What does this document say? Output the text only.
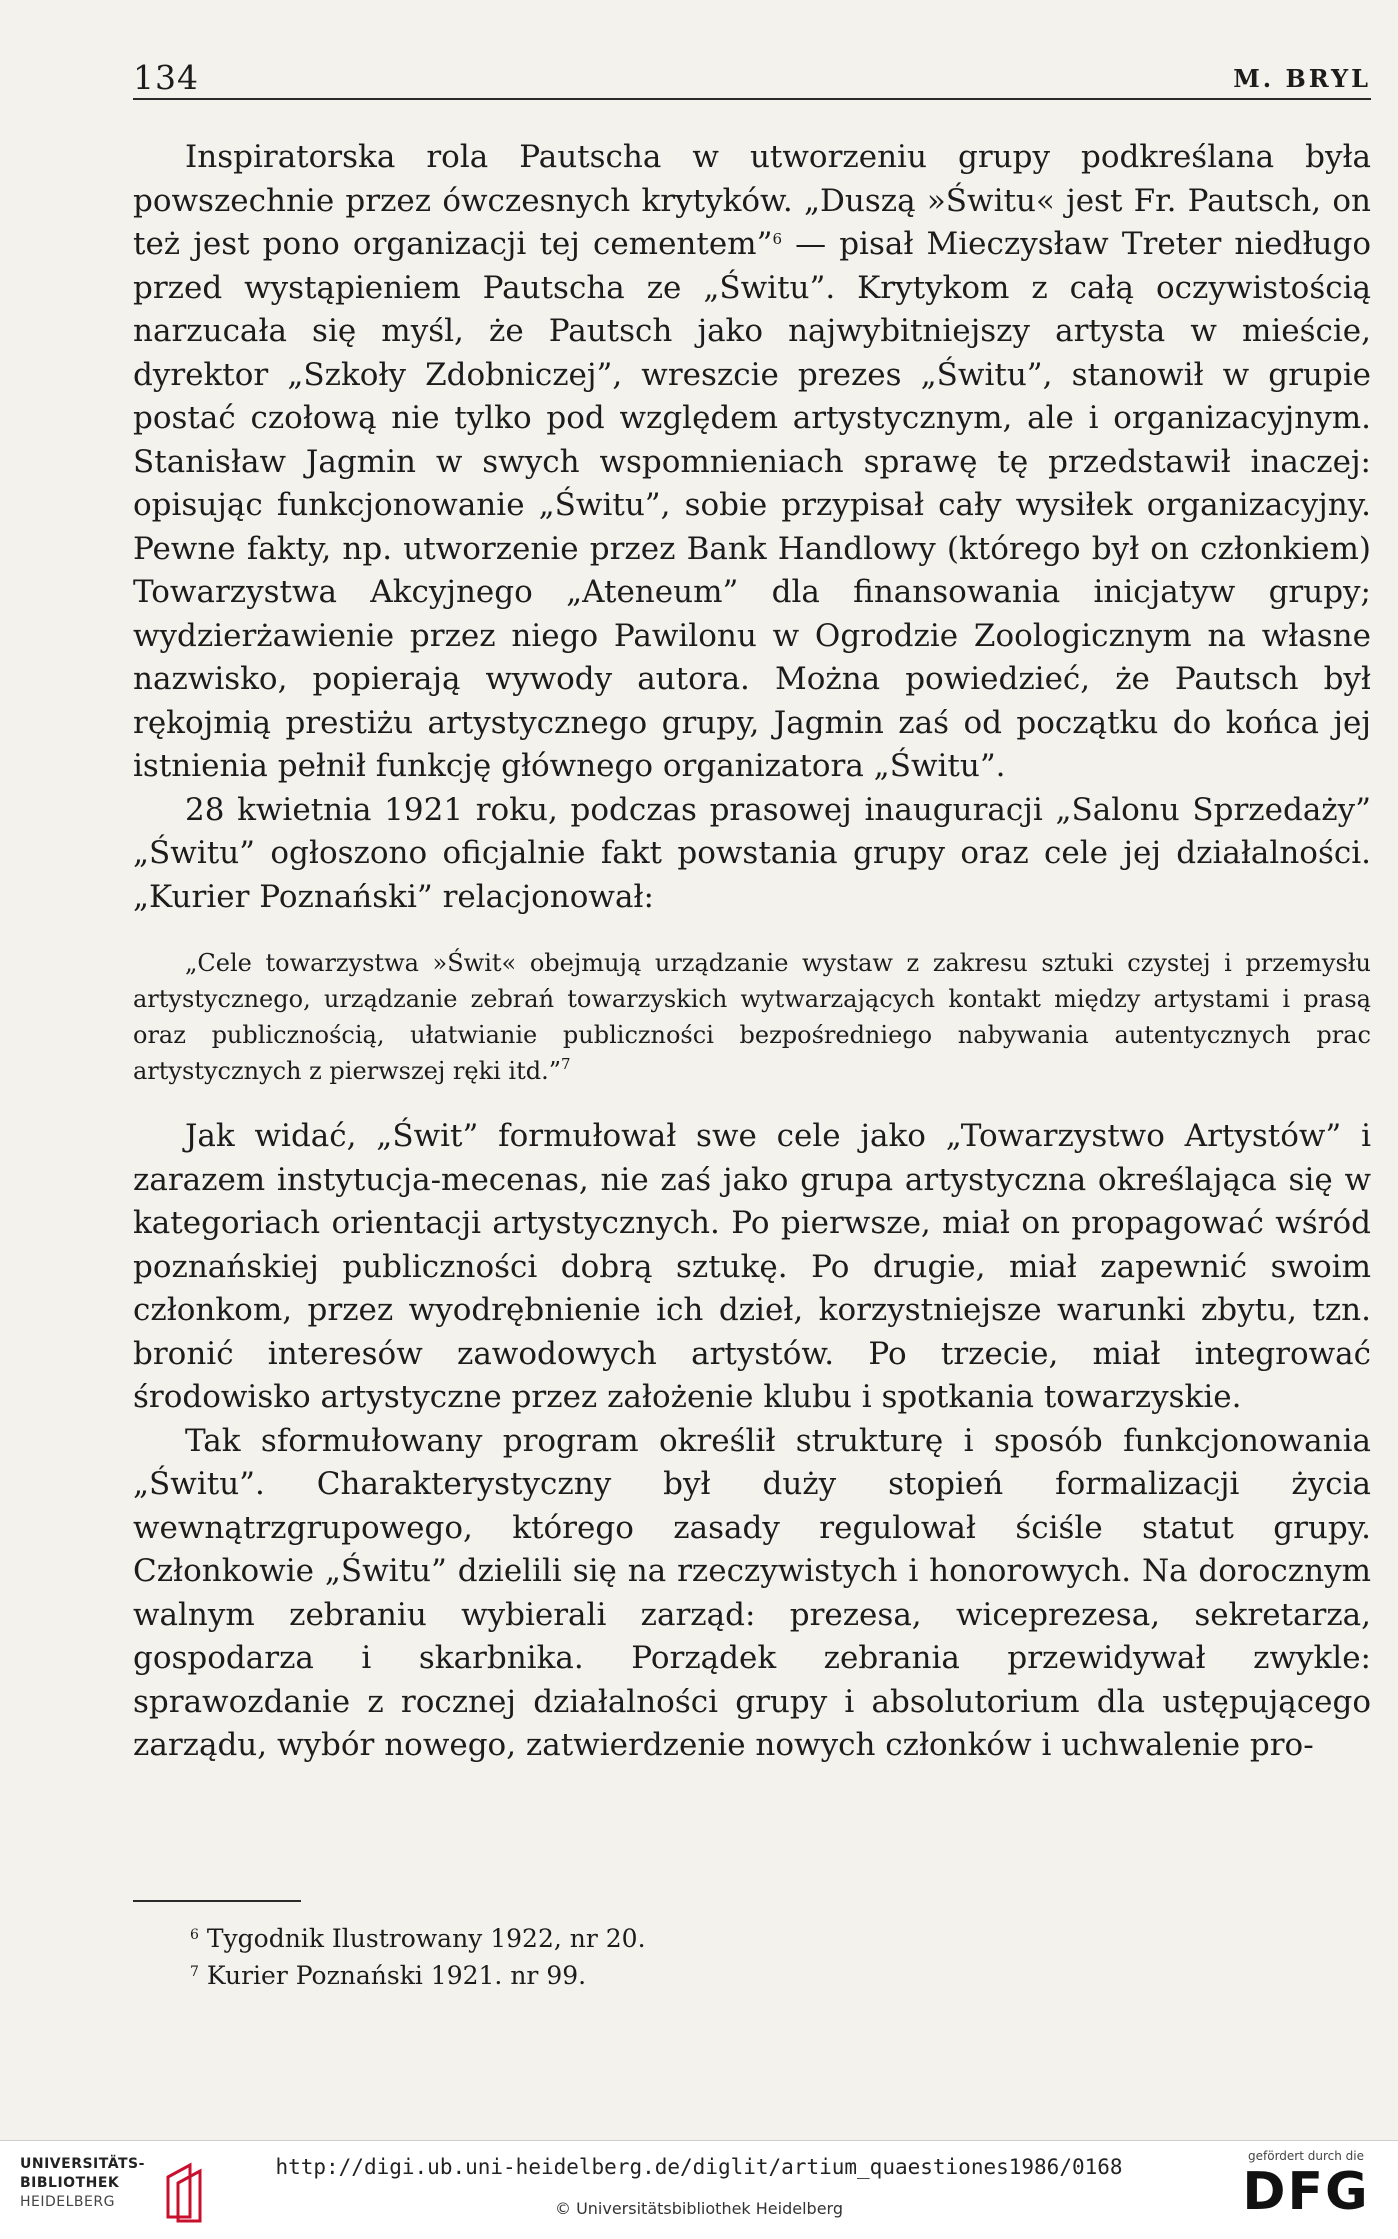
134	M. BRYL

Inspiratorska rola Pautscha w utworzeniu grupy podkreślana była powszechnie przez ówczesnych krytyków. „Duszą »Świtu« jest Fr. Pautsch, on też jest pono organizacji tej cementem”$^6$ — pisał Mieczysław Treter niedługo przed wystąpieniem Pautscha ze „Świtu”. Krytykom z całą oczywistością narzucała się myśl, że Pautsch jako najwybitniejszy artysta w mieście, dyrektor „Szkoły Zdobniczej”, wreszcie prezes „Świtu”, stanowił w grupie postać czołową nie tylko pod względem artystycznym, ale i organizacyjnym. Stanisław Jagmin w swych wspomnieniach sprawę tę przedstawił inaczej: opisując funkcjonowanie „Świtu”, sobie przypisał cały wysiłek organizacyjny. Pewne fakty, np. utworzenie przez Bank Handlowy (którego był on członkiem) Towarzystwa Akcyjnego „Ateneum” dla finansowania inicjatyw grupy; wydzierżawienie przez niego Pawilonu w Ogrodzie Zoologicznym na własne nazwisko, popierają wywody autora. Można powiedzieć, że Pautsch był rękojmią prestiżu artystycznego grupy, Jagmin zaś od początku do końca jej istnienia pełnił funkcję głównego organizatora „Świtu”.

28 kwietnia 1921 roku, podczas prasowej inauguracji „Salonu Sprzedaży” „Świtu” ogłoszono oficjalnie fakt powstania grupy oraz cele jej działalności. „Kurier Poznański” relacjonował:

„Cele towarzystwa »Świt« obejmują urządzanie wystaw z zakresu sztuki czystej i przemysłu artystycznego, urządzanie zebrań towarzyskich wytwarzających kontakt między artystami i prasą oraz publicznością, ułatwianie publiczności bezpośredniego nabywania autentycznych prac artystycznych z pierwszej ręki itd.”$^7$

Jak widać, „Świt” formułował swe cele jako „Towarzystwo Artystów” i zarazem instytucja-mecenas, nie zaś jako grupa artystyczna określająca się w kategoriach orientacji artystycznych. Po pierwsze, miał on propagować wśród poznańskiej publiczności dobrą sztukę. Po drugie, miał zapewnić swoim członkom, przez wyodrębnienie ich dzieł, korzystniejsze warunki zbytu, tzn. bronić interesów zawodowych artystów. Po trzecie, miał integrować środowisko artystyczne przez założenie klubu i spotkania towarzyskie.

Tak sformułowany program określił strukturę i sposób funkcjonowania „Świtu”. Charakterystyczny był duży stopień formalizacji życia wewnątrzgrupowego, którego zasady regulował ściśle statut grupy. Członkowie „Świtu” dzielili się na rzeczywistych i honorowych. Na dorocznym walnym zebraniu wybierali zarząd: prezesa, wiceprezesa, sekretarza, gospodarza i skarbnika. Porządek zebrania przewidywał zwykle: sprawozdanie z rocznej działalności grupy i absolutorium dla ustępującego zarządu, wybór nowego, zatwierdzenie nowych członków i uchwalenie pro-

$^6$ Tygodnik Ilustrowany 1922, nr 20.
$^7$ Kurier Poznański 1921. nr 99.
UNIVERSITÄTS-
BIBLIOTHEK
HEIDELBERG
http://digi.ub.uni-heidelberg.de/diglit/artium_quaestiones1986/0168
© Universitätsbibliothek Heidelberg
gefördert durch die
DFG
